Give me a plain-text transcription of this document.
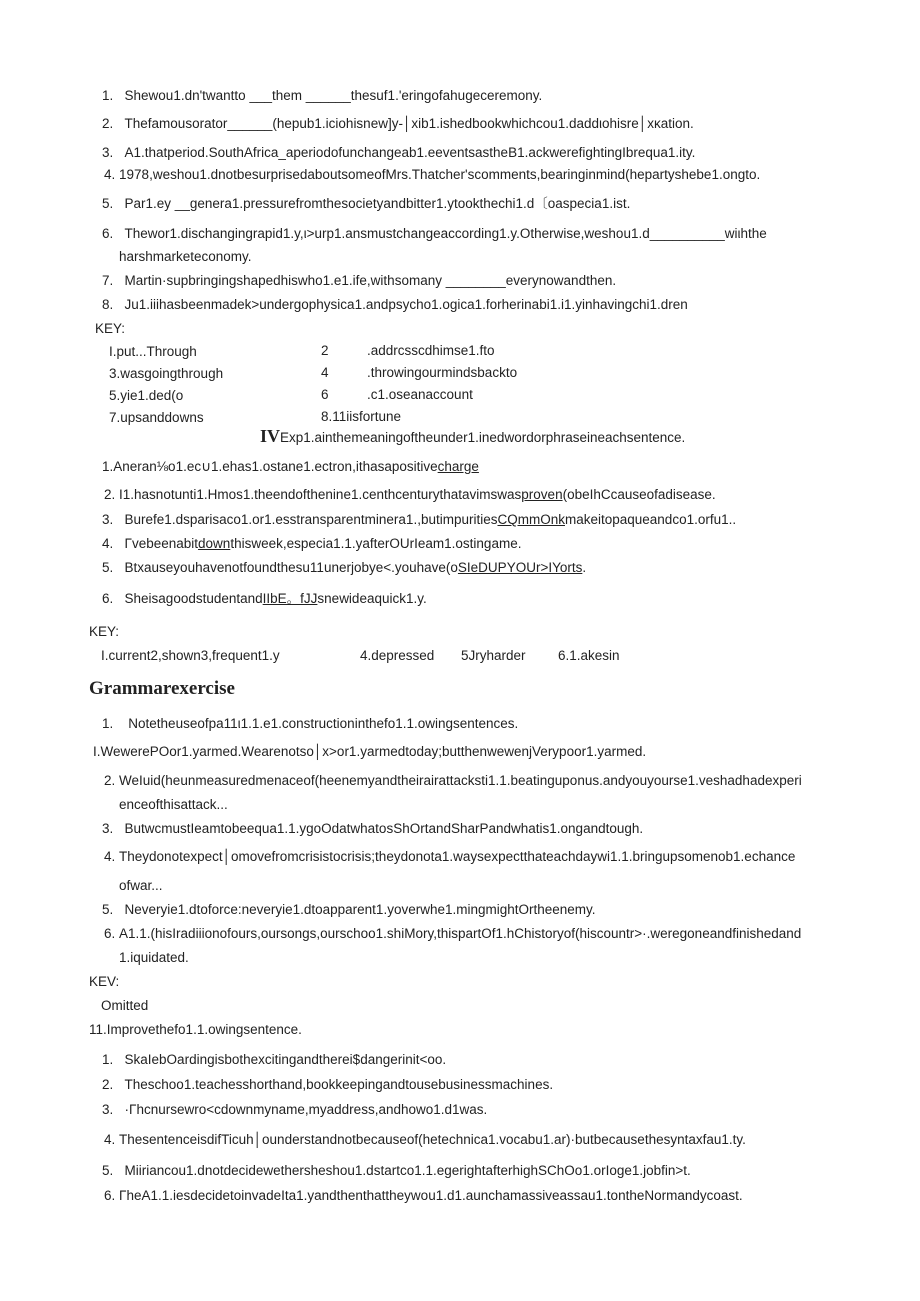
1. Shewou1.dn'twantto ___them ______thesuf1.'eringofahugeceremony.
2. Thefamousorator______(hepub1.iciohisnew]y-│xib1.ishedbookwhichcou1.daddιohisre│xκation.
3. A1.thatperiod.SouthAfrica_aperiodofunchangeab1.eeventsastheB1.ackwerefightingIbrequa1.ity.
4. 1978,weshou1.dnotbesurprisedaboutsomeofMrs.Thatcher'scomments,bearinginmind(hepartyshebe1.ongto.
5. Par1.ey __genera1.pressurefromthesocietyandbitter1.ytookthechi1.d〔oaspecia1.ist.
6. Thewor1.dischangingrapid1.y,ι>urp1.ansmustchangeaccording1.y.Otherwise,weshou1.d__________wiιhthe
harshmarketeconomy.
7. Martin·supbringingshapedhiswho1.e1.ife,withsomany ________everynowandthen.
8. Ju1.iiihasbeenmadek>undergophysica1.andpsycho1.ogica1.forherinabi1.i1.yinhavingchi1.dren
KEY:
I.put...Through
3.wasgoingthrough
5.yie1.ded(o
7.upsanddowns
2
4
6
8.11iisfortune
.addrcsscdhimse1.fto
.throwingourmindsbackto
.c1.oseanaccount
IVExp1.ainthemeaningoftheunder1.inedwordorphraseineachsentence.
1.Aneran⅛o1.ec∪1.ehas1.ostane1.ectron,ithasapositivecharge
2. I1.hasnotunti1.Hmos1.theendofthenine1.centhcenturythatavimswasproven(obeIhCcauseofadisease.
3. Burefe1.dsparisaco1.or1.esstransparentminera1.,butimpuritiesCQmmOnkmakeitopaqueandco1.orfu1..
4. Γvebeenabitdownthisweek,especia1.1.yafterOUrIeam1.ostingame.
5. Btxauseyouhavenotfoundthesu11unerjobye<.youhave(oSIeDUPYOUr>IYorts.
6. SheisagoodstudentandIIbE。fJJsnewideaquick1.y.
KEY:
I.current2,shown3,frequent1.y	4.depressed 5Jryharder 6.1.akesin
Grammarexercise
1. Notetheuseofpa11ι1.1.e1.constructioninthefo1.1.owingsentences.
I.WewerePOor1.yarmed.Wearenotso│x>or1.yarmedtoday;butthenwewenjVerypoor1.yarmed.
2. WeIuid(heunmeasuredmenaceof(heenemyandtheirairattacksti1.1.beatinguponus.andyouyourse1.veshadhadexperi
enceofthisattack...
3. ButwcmustIeamtobeequa1.1.ygoOdatwhatosShOrtandSharPandwhatis1.ongandtough.
4. Theydonotexpect│omovefromcrisistocrisis;theydonota1.waysexpectthateachdaywi1.1.bringupsomenob1.echance
ofwar...
5. Neveryie1.dtoforce:neveryie1.dtoapparent1.yoverwhe1.mingmightOrtheenemy.
6. A1.1.(hisIradiiionofours,oursongs,ourschoo1.shiMory,thispartOf1.hChistoryof(hiscountr>·.weregoneandfinishedand
1.iquidated.
KEV:
Omitted
11.Improvethefo1.1.owingsentence.
1. SkaIebOardingisbothexcitingandtherei$dangerinit<oo.
2. Theschoo1.teachesshorthand,bookkeepingandtousebusinessmachines.
3. ·Γhcnursewro<cdownmyname,myaddress,andhowo1.d1was.
4. ThesentenceisdifTicuh│ounderstandnotbecauseof(hetechnica1.vocabu1.ar)·butbecausethesyntaxfau1.ty.
5. Miiriancou1.dnotdecidewethersheshou1.dstartco1.1.egerightafterhighSChOo1.orIoge1.jobfin>t.
6. ΓheA1.1.iesdecidetoinvadeIta1.yandthenthattheywou1.d1.aunchamassiveassau1.tontheNormandycoast.
